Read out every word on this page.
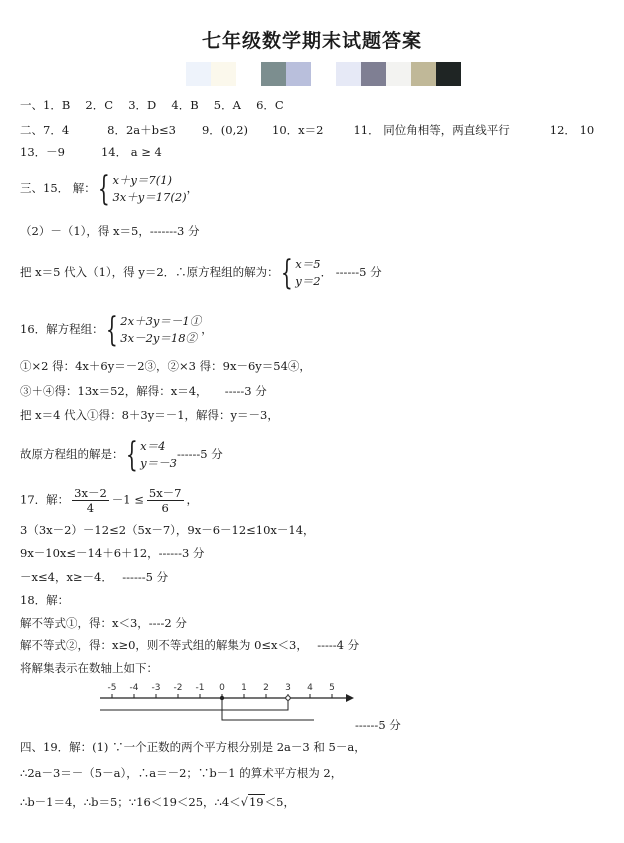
七年级数学期末试题答案
一、1．B　 2．C　 3．D　 4．B　 5．A　 6．C
二、7．4	8．2a＋b≤3 9．(0,2) 10．x＝2	11． 同位角相等，两直线平行	12． 10
13．－9	14． a ≥ 4
三、15． 解：{ x＋y＝7(1)
3x＋y＝17(2)
，
（2）－（1），得 x＝5，-------3 分
把 x＝5 代入（1），得 y＝2．∴原方程组的解为：{ x＝5
y＝2
． ------5 分
16．解方程组：{ 2x＋3y＝－1①
3x－2y＝18②
，
①×2 得：4x＋6y＝－2③，②×3 得：9x－6y＝54④，
③＋④得：13x＝52，解得：x＝4，　　-----3 分
把 x＝4 代入①得：8＋3y＝－1，解得：y＝－3，
故原方程组的解是：{ x＝4
y＝－3
------5 分
17．解： $\frac{3x-2}{4} -1 \le \frac{5x-7}{6}$ ，
3（3x－2）－12≤2（5x－7），9x－6－12≤10x－14，
9x－10x≤－14＋6＋12，------3 分
－x≤4，x≥－4．　 ------5 分
18．解：
解不等式①，得：x＜3，----2 分
解不等式②，得：x≥0，则不等式组的解集为 0≤x＜3，　 -----4 分
将解集表示在数轴上如下：
-5 -4 -3 -2 -1 0 1 2 3 4 5
------5 分
四、19．解：(1) ∵一个正数的两个平方根分别是 2a－3 和 5－a，
∴2a－3＝－（5－a），∴a＝－2；∵b－1 的算术平方根为 2，
∴b－1＝4，∴b＝5；∵16＜19＜25，∴4＜√19＜5，
